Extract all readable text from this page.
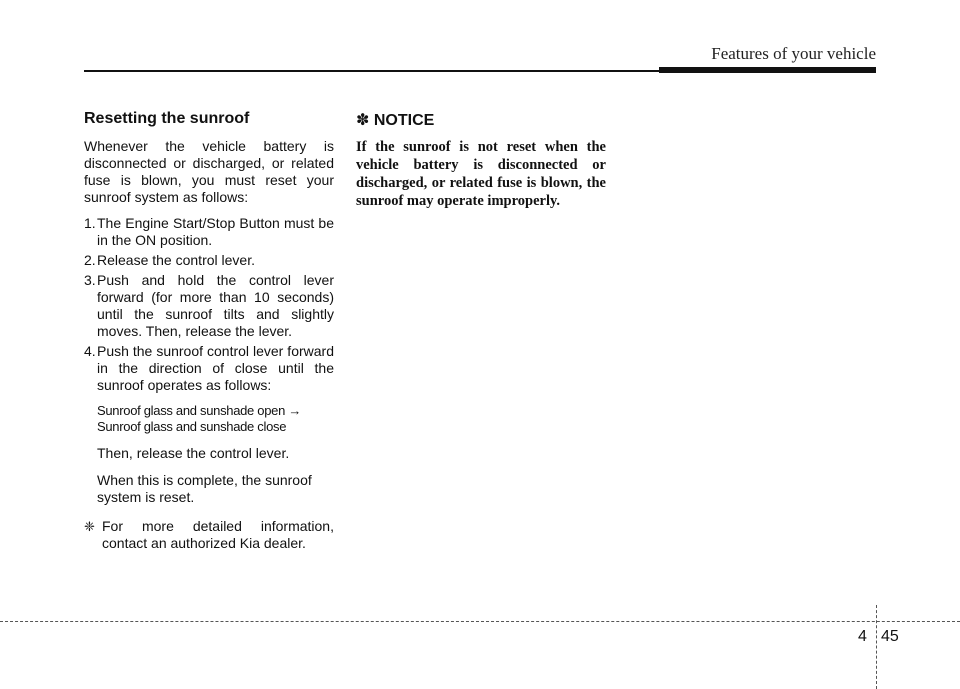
Features of your vehicle
Resetting the sunroof

Whenever the vehicle battery is disconnected or discharged, or related fuse is blown, you must reset your sunroof system as follows:

1. The Engine Start/Stop Button must be in the ON position.
2. Release the control lever.
3. Push and hold the control lever forward (for more than 10 seconds) until the sunroof tilts and slightly moves. Then, release the lever.
4. Push the sunroof control lever forward in the direction of close until the sunroof operates as follows:
Sunroof glass and sunshade open → Sunroof glass and sunshade close
Then, release the control lever.
When this is complete, the sunroof system is reset.
❈ For more detailed information, contact an authorized Kia dealer.
✽ NOTICE

If the sunroof is not reset when the vehicle battery is disconnected or discharged, or related fuse is blown, the sunroof may operate improperly.

4 45
